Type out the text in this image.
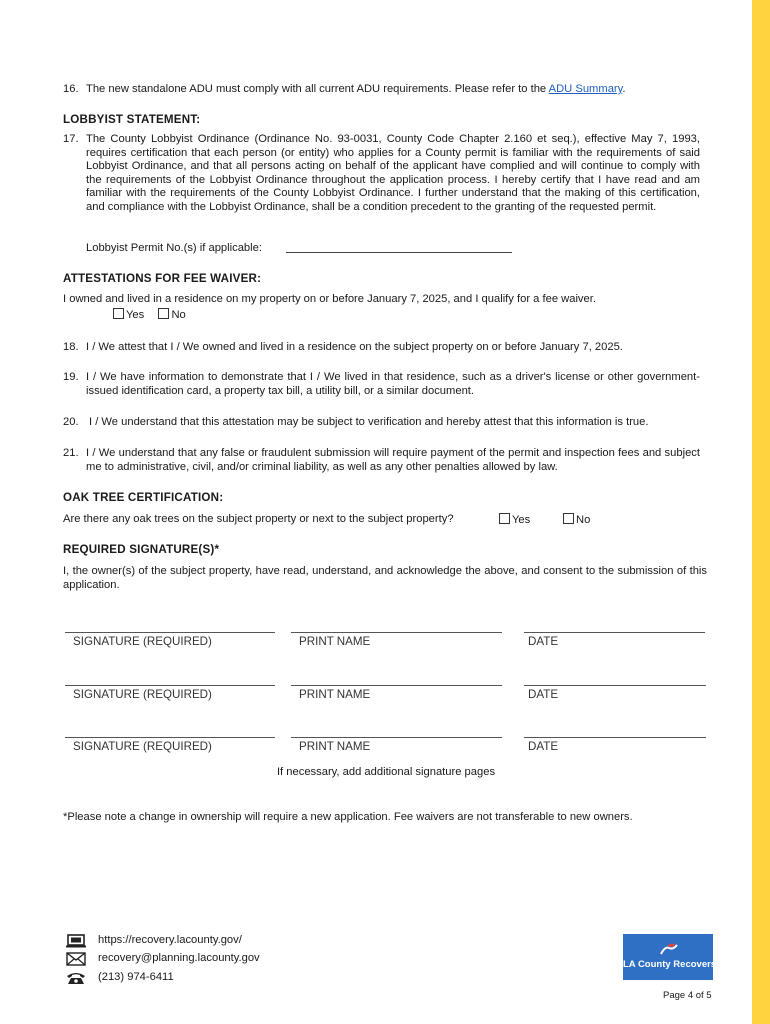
16. The new standalone ADU must comply with all current ADU requirements. Please refer to the ADU Summary.
LOBBYIST STATEMENT:
17. The County Lobbyist Ordinance (Ordinance No. 93-0031, County Code Chapter 2.160 et seq.), effective May 7, 1993, requires certification that each person (or entity) who applies for a County permit is familiar with the requirements of said Lobbyist Ordinance, and that all persons acting on behalf of the applicant have complied and will continue to comply with the requirements of the Lobbyist Ordinance throughout the application process. I hereby certify that I have read and am familiar with the requirements of the County Lobbyist Ordinance. I further understand that the making of this certification, and compliance with the Lobbyist Ordinance, shall be a condition precedent to the granting of the requested permit.
Lobbyist Permit No.(s) if applicable:
ATTESTATIONS FOR FEE WAIVER:
I owned and lived in a residence on my property on or before January 7, 2025, and I qualify for a fee waiver.
Yes No
18. I / We attest that I / We owned and lived in a residence on the subject property on or before January 7, 2025.
19. I / We have information to demonstrate that I / We lived in that residence, such as a driver's license or other government-issued identification card, a property tax bill, a utility bill, or a similar document.
20. I / We understand that this attestation may be subject to verification and hereby attest that this information is true.
21. I / We understand that any false or fraudulent submission will require payment of the permit and inspection fees and subject me to administrative, civil, and/or criminal liability, as well as any other penalties allowed by law.
OAK TREE CERTIFICATION:
Are there any oak trees on the subject property or next to the subject property?	Yes	No
REQUIRED SIGNATURE(S)*
I, the owner(s) of the subject property, have read, understand, and acknowledge the above, and consent to the submission of this application.
SIGNATURE (REQUIRED)	PRINT NAME	DATE
SIGNATURE (REQUIRED)	PRINT NAME	DATE
SIGNATURE (REQUIRED)	PRINT NAME	DATE
If necessary, add additional signature pages
*Please note a change in ownership will require a new application. Fee waivers are not transferable to new owners.
https://recovery.lacounty.gov/
recovery@planning.lacounty.gov
(213) 974-6411
LA County Recovers
Page 4 of 5
